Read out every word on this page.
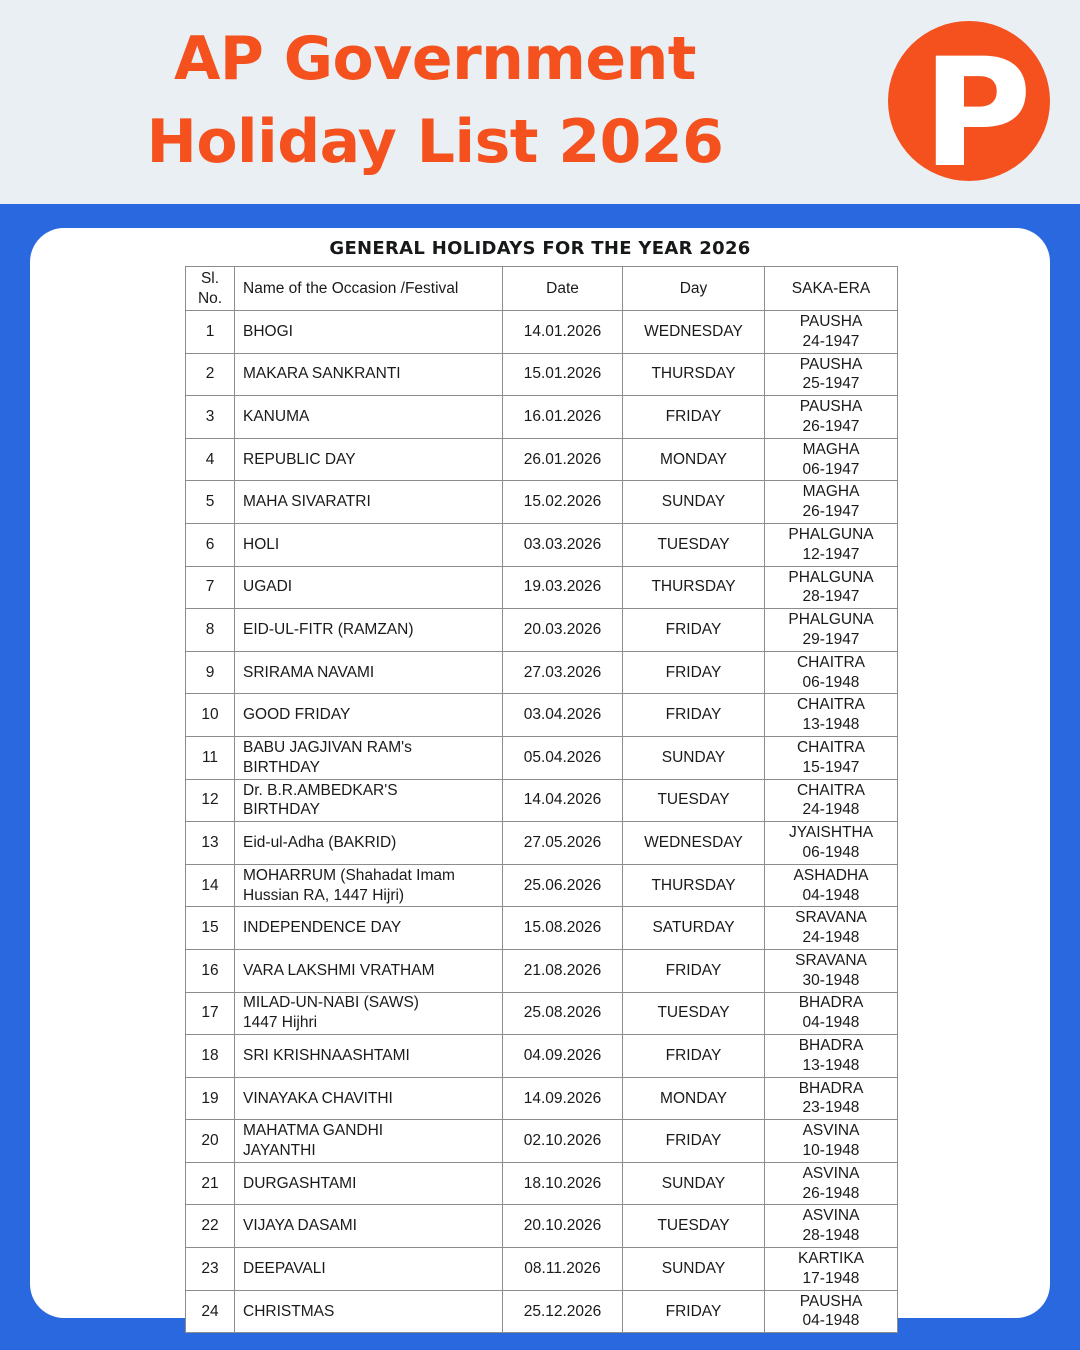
AP Government
Holiday List 2026	P
GENERAL HOLIDAYS FOR THE YEAR 2026
Sl. No.	Name of the Occasion /Festival	Date	Day	SAKA-ERA
1	BHOGI	14.01.2026	WEDNESDAY	PAUSHA
24-1947

2	MAKARA SANKRANTI	15.01.2026	THURSDAY	PAUSHA
25-1947

3	KANUMA	16.01.2026	FRIDAY	PAUSHA
26-1947

4	REPUBLIC DAY	26.01.2026	MONDAY	MAGHA
06-1947

5	MAHA SIVARATRI	15.02.2026	SUNDAY	MAGHA
26-1947

6	HOLI	03.03.2026	TUESDAY	PHALGUNA
12-1947

7	UGADI	19.03.2026	THURSDAY	PHALGUNA
28-1947

8	EID-UL-FITR (RAMZAN)	20.03.2026	FRIDAY	PHALGUNA
29-1947

9	SRIRAMA NAVAMI	27.03.2026	FRIDAY	CHAITRA
06-1948

10	GOOD FRIDAY	03.04.2026	FRIDAY	CHAITRA
13-1948

11	BABU JAGJIVAN RAM's
BIRTHDAY	05.04.2026	SUNDAY	CHAITRA
15-1947

12	Dr. B.R.AMBEDKAR'S
BIRTHDAY	14.04.2026	TUESDAY	CHAITRA
24-1948

13	Eid-ul-Adha (BAKRID)	27.05.2026	WEDNESDAY	JYAISHTHA
06-1948

14	MOHARRUM (Shahadat Imam
Hussian RA, 1447 Hijri)	25.06.2026	THURSDAY	ASHADHA
04-1948

15	INDEPENDENCE DAY	15.08.2026	SATURDAY	SRAVANA
24-1948

16	VARA LAKSHMI VRATHAM	21.08.2026	FRIDAY	SRAVANA
30-1948

17	MILAD-UN-NABI (SAWS)
1447 Hijhri	25.08.2026	TUESDAY	BHADRA
04-1948

18	SRI KRISHNAASHTAMI	04.09.2026	FRIDAY	BHADRA
13-1948

19	VINAYAKA CHAVITHI	14.09.2026	MONDAY	BHADRA
23-1948

20	MAHATMA GANDHI
JAYANTHI	02.10.2026	FRIDAY	ASVINA
10-1948

21	DURGASHTAMI	18.10.2026	SUNDAY	ASVINA
26-1948

22	VIJAYA DASAMI	20.10.2026	TUESDAY	ASVINA
28-1948

23	DEEPAVALI	08.11.2026	SUNDAY	KARTIKA
17-1948

24	CHRISTMAS	25.12.2026	FRIDAY	PAUSHA
04-1948
